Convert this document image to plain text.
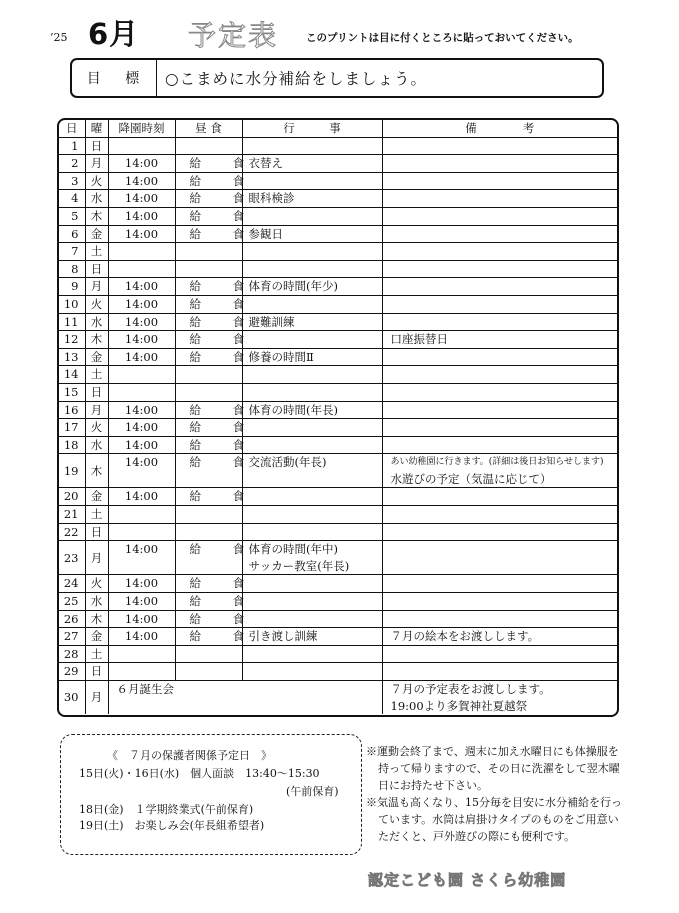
’25 6月 予定表	このプリントは目に付くところに貼っておいてください。
目 標	○こまめに水分補給をしましょう。
日	曜	降園時刻	昼 食	行　　　事	備　　　　考
1	日				
2	月	14:00	給 食	衣替え	
3	火	14:00	給 食		
4	水	14:00	給 食	眼科検診	
5	木	14:00	給 食		
6	金	14:00	給 食	参観日	
7	土				
8	日				
9	月	14:00	給 食	体育の時間(年少)	
10	火	14:00	給 食		
11	水	14:00	給 食	避難訓練	
12	木	14:00	給 食		口座振替日
13	金	14:00	給 食	修養の時間Ⅱ	
14	土				
15	日				
16	月	14:00	給 食	体育の時間(年長)	
17	火	14:00	給 食		
18	水	14:00	給 食		
19	木	14:00	給 食	交流活動(年長)	あい幼稚園に行きます。(詳細は後日お知らせします)
水遊びの予定（気温に応じて）

20	金	14:00	給 食		
21	土				
22	日				
23	月	14:00	給 食	体育の時間(年中)
サッカー教室(年長)	

24	火	14:00	給 食		
25	水	14:00	給 食		
26	木	14:00	給 食		
27	金	14:00	給 食	引き渡し訓練	７月の絵本をお渡しします。
28	土				
29	日				
30	月	６月誕生会			７月の予定表をお渡しします。
19:00より多賀神社夏越祭
《　７月の保護者関係予定日　》
15日(火)・16日(水)　個人面談　13:40〜15:30
(午前保育)
18日(金)　１学期終業式(午前保育)
19日(土)　お楽しみ会(年長組希望者)

※運動会終了まで、週末に加え水曜日にも体操服を持って帰りますので、その日に洗濯をして翌木曜日にお持たせ下さい。

※気温も高くなり、15分毎を目安に水分補給を行っています。水筒は肩掛けタイプのものをご用意いただくと、戸外遊びの際にも便利です。

認定こども園 さくら幼稚園
